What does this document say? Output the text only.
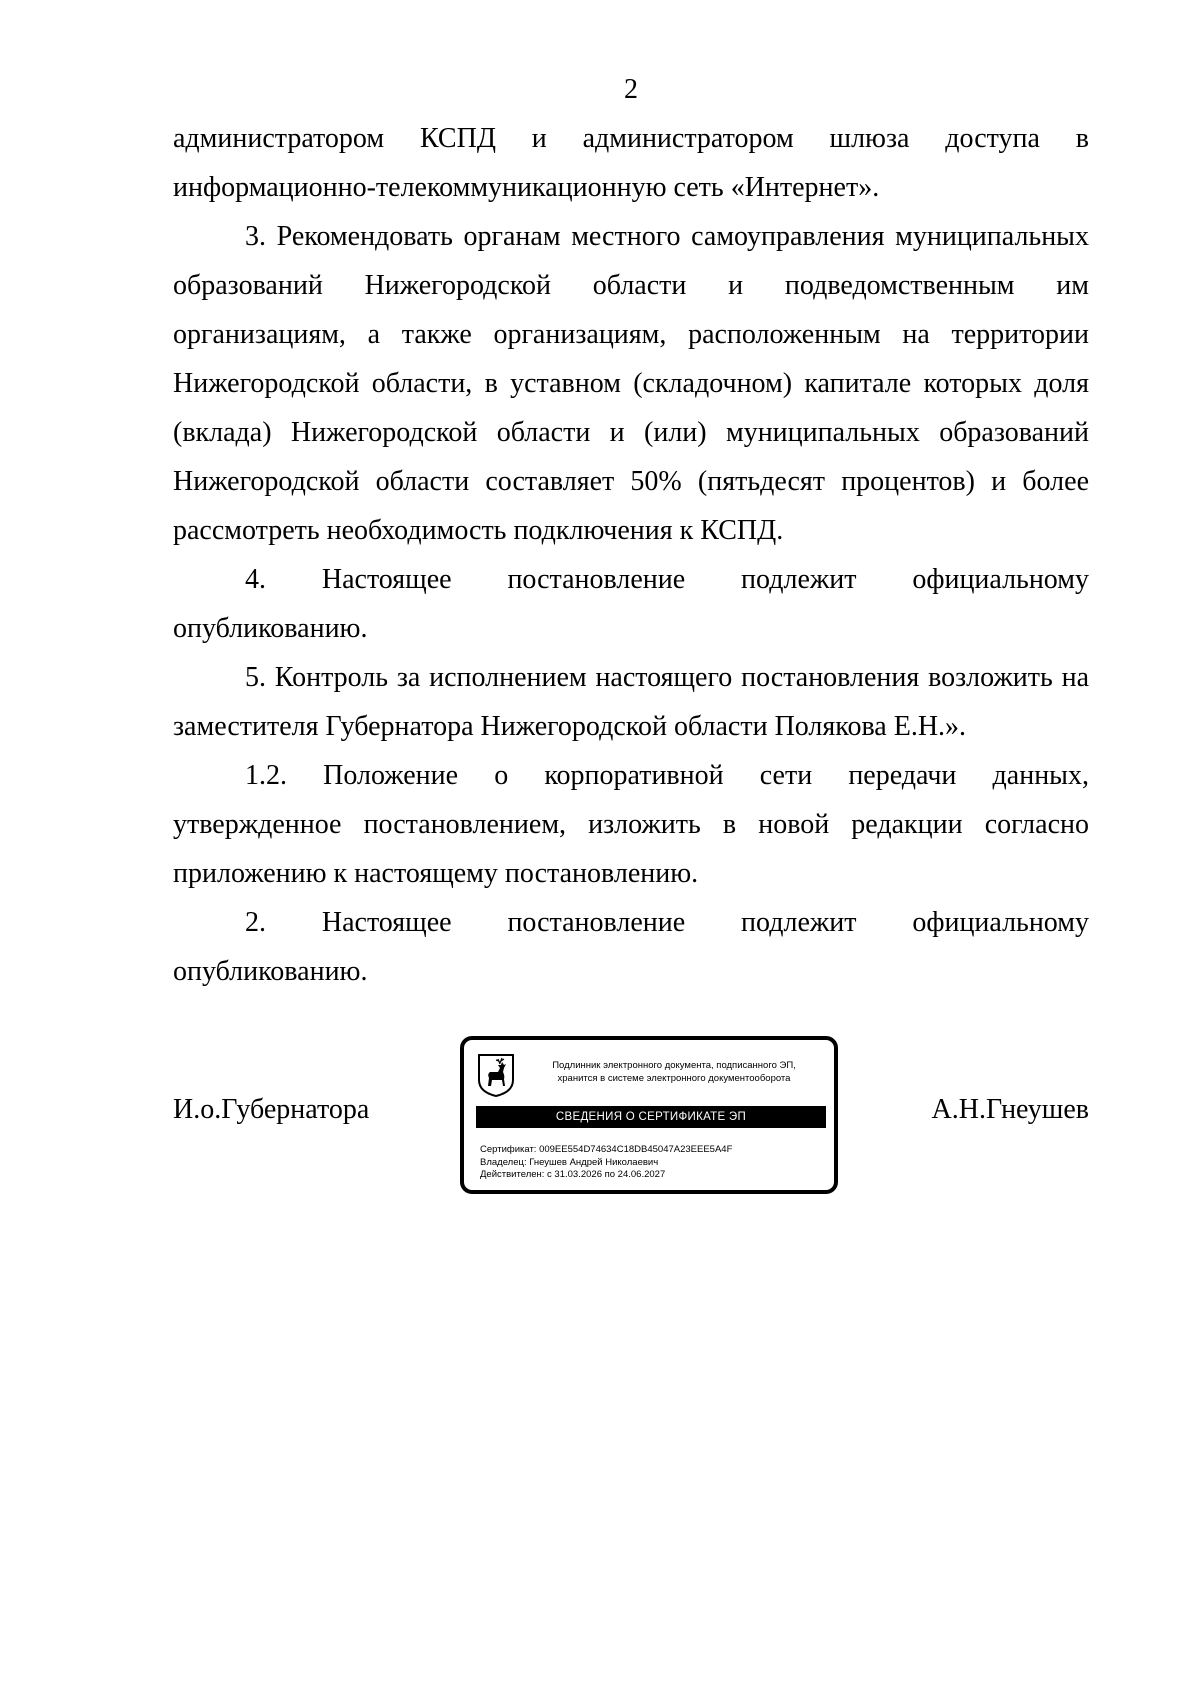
2

администратором КСПД и администратором шлюза доступа в информационно-телекоммуникационную сеть «Интернет».

3. Рекомендовать органам местного самоуправления муниципальных образований Нижегородской области и подведомственным им организациям, а также организациям, расположенным на территории Нижегородской области, в уставном (складочном) капитале которых доля (вклада) Нижегородской области и (или) муниципальных образований Нижегородской области составляет 50% (пятьдесят процентов) и более рассмотреть необходимость подключения к КСПД.

4. Настоящее постановление подлежит официальному опубликованию.

5. Контроль за исполнением настоящего постановления возложить на заместителя Губернатора Нижегородской области Полякова Е.Н.».

1.2. Положение о корпоративной сети передачи данных, утвержденное постановлением, изложить в новой редакции согласно приложению к настоящему постановлению.

2. Настоящее постановление подлежит официальному опубликованию.

И.о.Губернатора
Подлинник электронного документа, подписанного ЭП,
хранится в системе электронного документооборота
СВЕДЕНИЯ О СЕРТИФИКАТЕ ЭП
Сертификат: 009EE554D74634C18DB45047A23EEE5A4F
Владелец: Гнеушев Андрей Николаевич
Действителен: с 31.03.2026 по 24.06.2027
А.Н.Гнеушев
